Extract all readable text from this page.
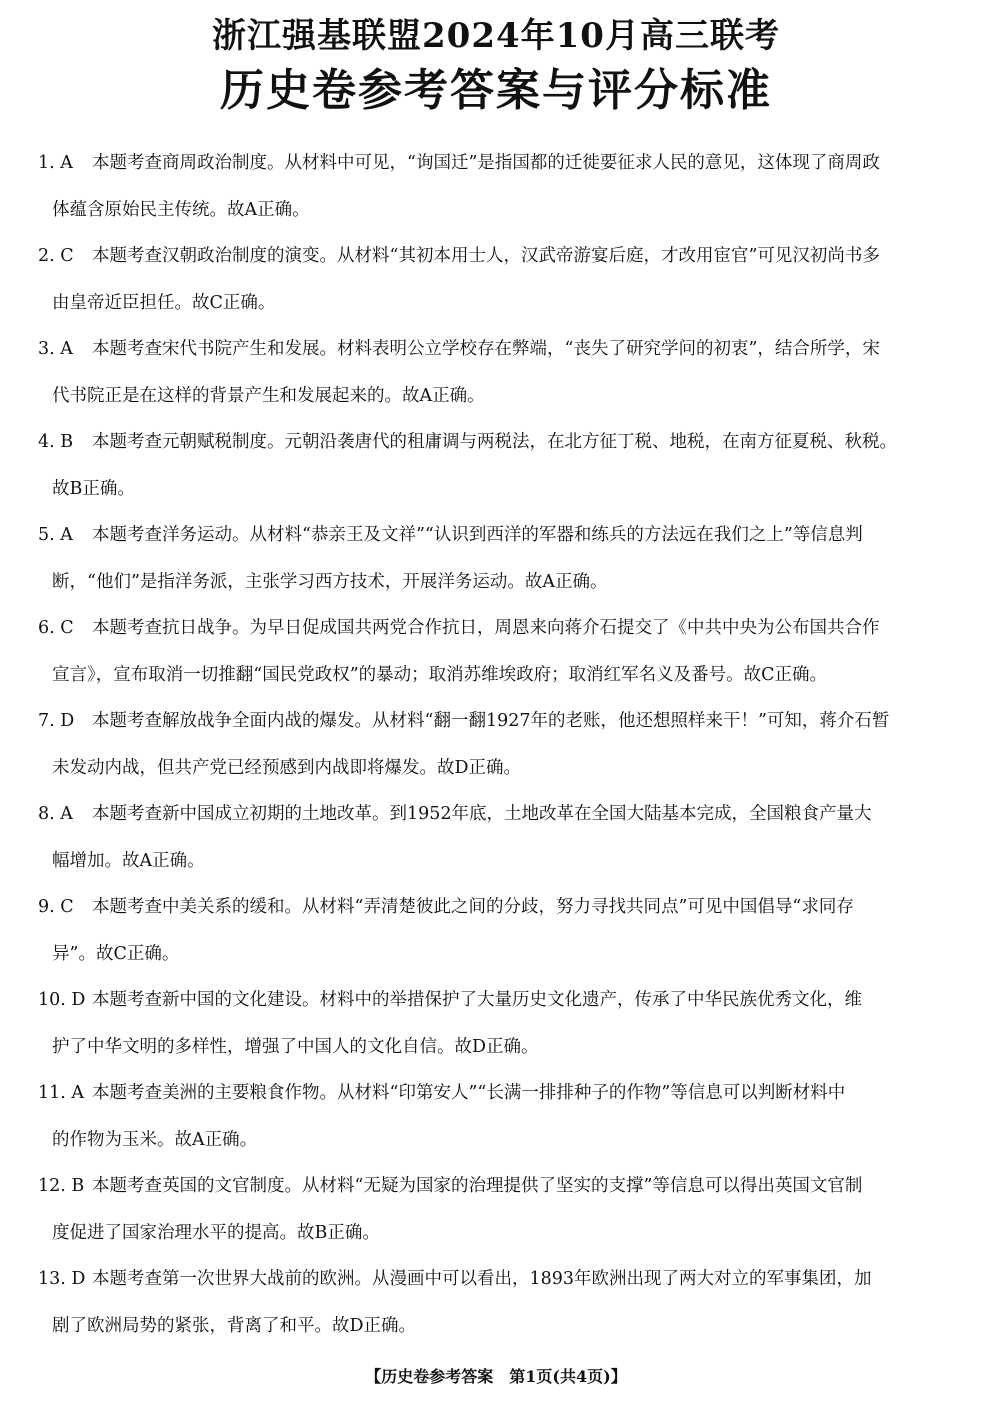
浙江强基联盟2024年10月高三联考
历史卷参考答案与评分标准
1. A 本题考查商周政治制度。从材料中可见，“询国迁”是指国都的迁徙要征求人民的意见，这体现了商周政
体蕴含原始民主传统。故A正确。
2. C 本题考查汉朝政治制度的演变。从材料“其初本用士人，汉武帝游宴后庭，才改用宦官”可见汉初尚书多
由皇帝近臣担任。故C正确。
3. A 本题考查宋代书院产生和发展。材料表明公立学校存在弊端，“丧失了研究学问的初衷”，结合所学，宋
代书院正是在这样的背景产生和发展起来的。故A正确。
4. B 本题考查元朝赋税制度。元朝沿袭唐代的租庸调与两税法，在北方征丁税、地税，在南方征夏税、秋税。
故B正确。
5. A 本题考查洋务运动。从材料“恭亲王及文祥”“认识到西洋的军器和练兵的方法远在我们之上”等信息判
断，“他们”是指洋务派，主张学习西方技术，开展洋务运动。故A正确。
6. C 本题考查抗日战争。为早日促成国共两党合作抗日，周恩来向蒋介石提交了《中共中央为公布国共合作
宣言》，宣布取消一切推翻“国民党政权”的暴动；取消苏维埃政府；取消红军名义及番号。故C正确。
7. D 本题考查解放战争全面内战的爆发。从材料“翻一翻1927年的老账，他还想照样来干！”可知，蒋介石暂
未发动内战，但共产党已经预感到内战即将爆发。故D正确。
8. A 本题考查新中国成立初期的土地改革。到1952年底，土地改革在全国大陆基本完成，全国粮食产量大
幅增加。故A正确。
9. C 本题考查中美关系的缓和。从材料“弄清楚彼此之间的分歧，努力寻找共同点”可见中国倡导“求同存
异”。故C正确。
10. D 本题考查新中国的文化建设。材料中的举措保护了大量历史文化遗产，传承了中华民族优秀文化，维
护了中华文明的多样性，增强了中国人的文化自信。故D正确。
11. A 本题考查美洲的主要粮食作物。从材料“印第安人”“长满一排排种子的作物”等信息可以判断材料中
的作物为玉米。故A正确。
12. B 本题考查英国的文官制度。从材料“无疑为国家的治理提供了坚实的支撑”等信息可以得出英国文官制
度促进了国家治理水平的提高。故B正确。
13. D 本题考查第一次世界大战前的欧洲。从漫画中可以看出，1893年欧洲出现了两大对立的军事集团，加
剧了欧洲局势的紧张，背离了和平。故D正确。
【历史卷参考答案　第1页(共4页)】
